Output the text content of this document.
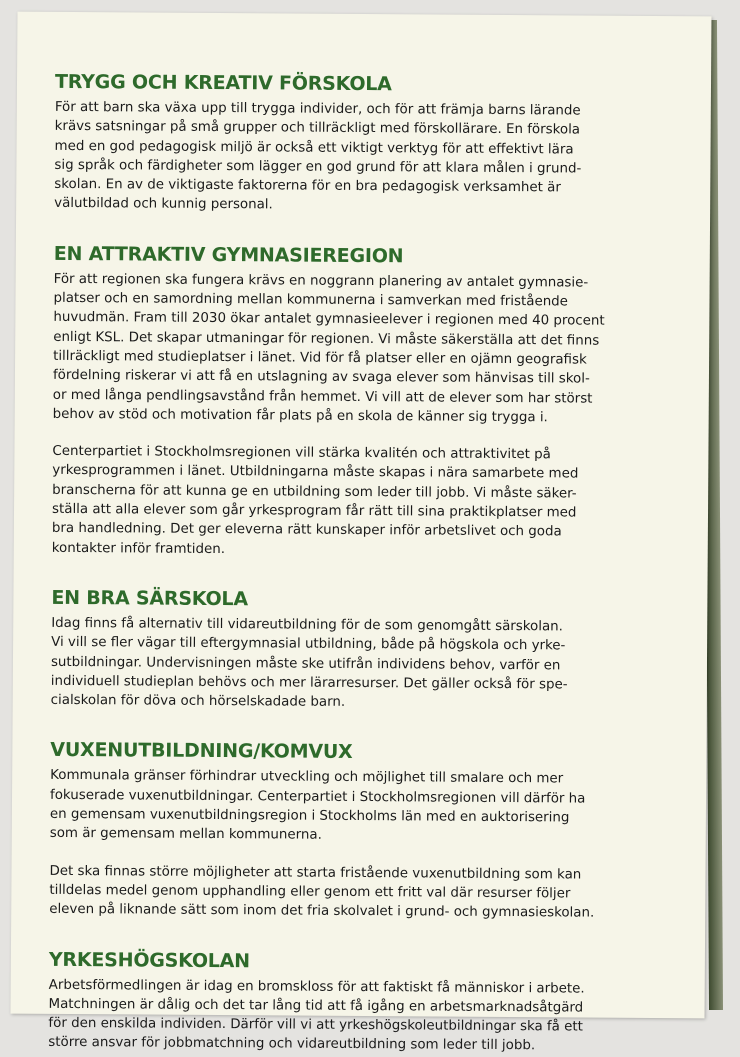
TRYGG OCH KREATIV FÖRSKOLA

För att barn ska växa upp till trygga individer, och för att främja barns lärande
krävs satsningar på små grupper och tillräckligt med förskollärare. En förskola
med en god pedagogisk miljö är också ett viktigt verktyg för att effektivt lära
sig språk och färdigheter som lägger en god grund för att klara målen i grund-
skolan. En av de viktigaste faktorerna för en bra pedagogisk verksamhet är
välutbildad och kunnig personal.

EN ATTRAKTIV GYMNASIEREGION

För att regionen ska fungera krävs en noggrann planering av antalet gymnasie-
platser och en samordning mellan kommunerna i samverkan med fristående
huvudmän. Fram till 2030 ökar antalet gymnasieelever i regionen med 40 procent
enligt KSL. Det skapar utmaningar för regionen. Vi måste säkerställa att det finns
tillräckligt med studieplatser i länet. Vid för få platser eller en ojämn geografisk
fördelning riskerar vi att få en utslagning av svaga elever som hänvisas till skol-
or med långa pendlingsavstånd från hemmet. Vi vill att de elever som har störst
behov av stöd och motivation får plats på en skola de känner sig trygga i.

Centerpartiet i Stockholmsregionen vill stärka kvalitén och attraktivitet på
yrkesprogrammen i länet. Utbildningarna måste skapas i nära samarbete med
branscherna för att kunna ge en utbildning som leder till jobb. Vi måste säker-
ställa att alla elever som går yrkesprogram får rätt till sina praktikplatser med
bra handledning. Det ger eleverna rätt kunskaper inför arbetslivet och goda
kontakter inför framtiden.

EN BRA SÄRSKOLA

Idag finns få alternativ till vidareutbildning för de som genomgått särskolan.
Vi vill se fler vägar till eftergymnasial utbildning, både på högskola och yrke-
sutbildningar. Undervisningen måste ske utifrån individens behov, varför en
individuell studieplan behövs och mer lärarresurser. Det gäller också för spe-
cialskolan för döva och hörselskadade barn.

VUXENUTBILDNING/KOMVUX

Kommunala gränser förhindrar utveckling och möjlighet till smalare och mer
fokuserade vuxenutbildningar. Centerpartiet i Stockholmsregionen vill därför ha
en gemensam vuxenutbildningsregion i Stockholms län med en auktorisering
som är gemensam mellan kommunerna.

Det ska finnas större möjligheter att starta fristående vuxenutbildning som kan
tilldelas medel genom upphandling eller genom ett fritt val där resurser följer
eleven på liknande sätt som inom det fria skolvalet i grund- och gymnasieskolan.

YRKESHÖGSKOLAN

Arbetsförmedlingen är idag en bromskloss för att faktiskt få människor i arbete.
Matchningen är dålig och det tar lång tid att få igång en arbetsmarknadsåtgärd
för den enskilda individen. Därför vill vi att yrkeshögskoleutbildningar ska få ett
större ansvar för jobbmatchning och vidareutbildning som leder till jobb.
